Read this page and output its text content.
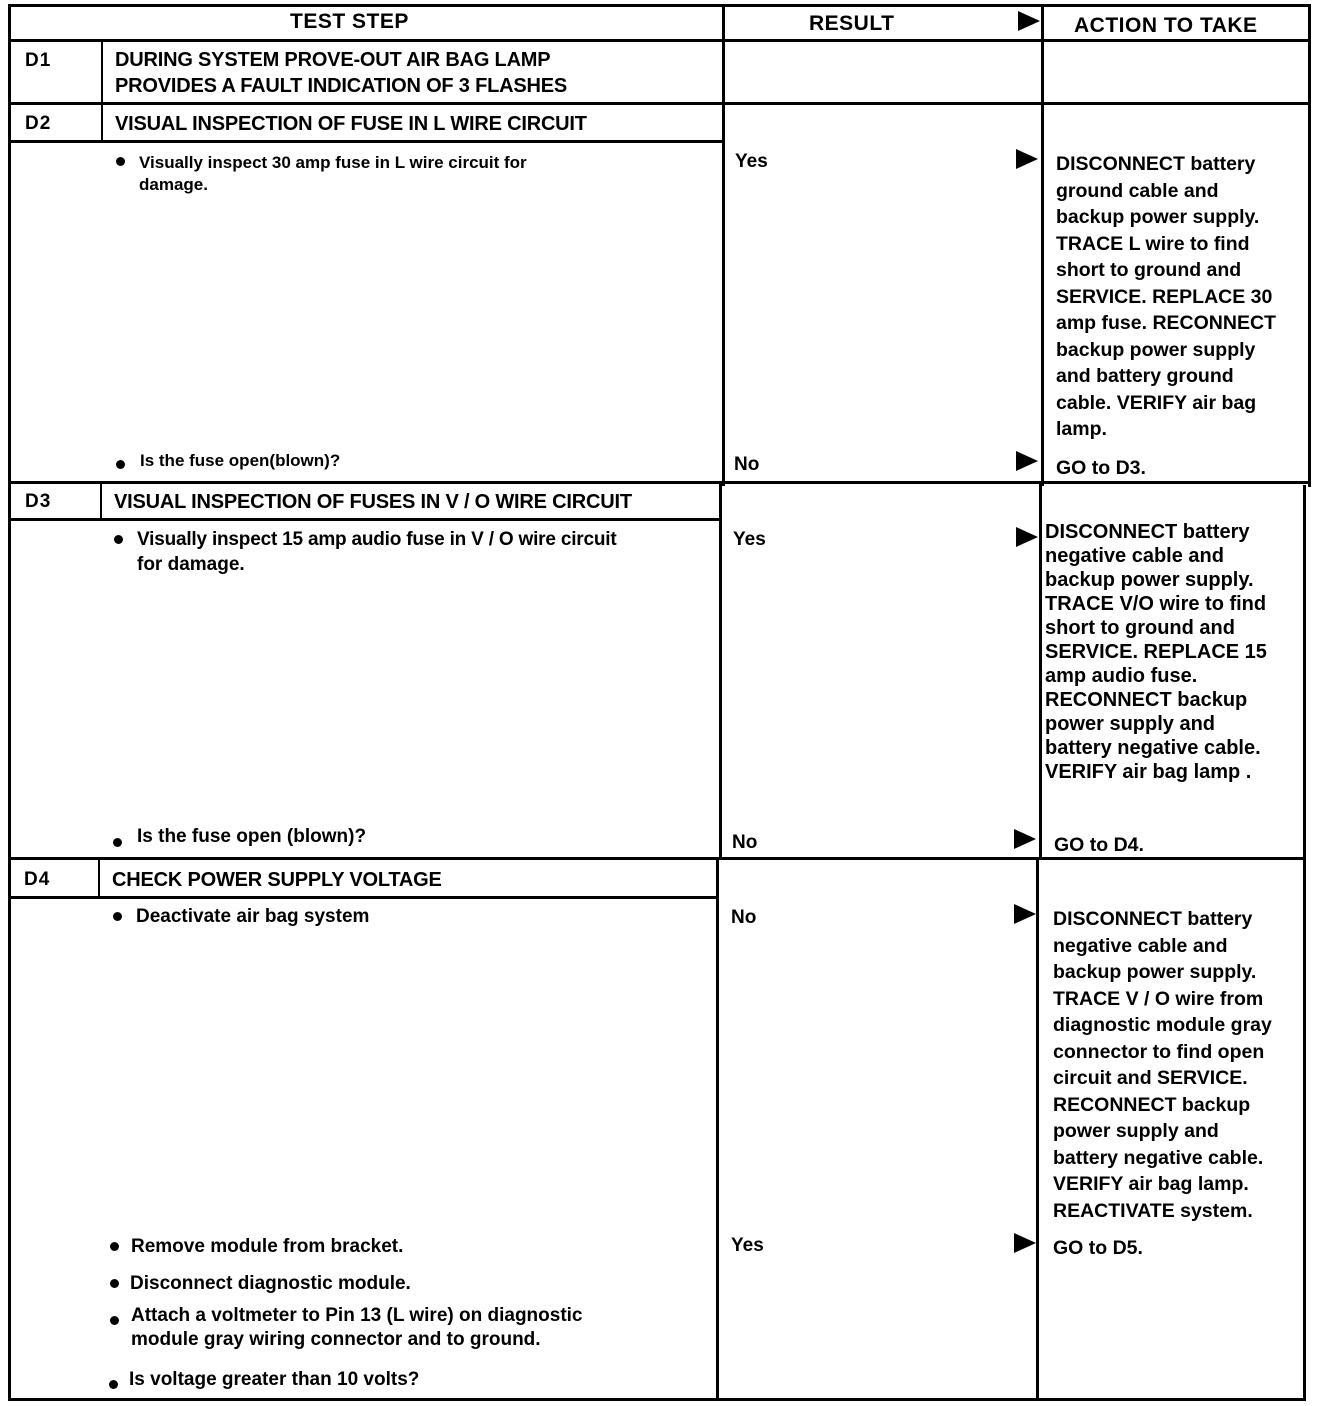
TEST STEP	RESULT	ACTION TO TAKE
D1	DURING SYSTEM PROVE-OUT AIR BAG LAMP
PROVIDES A FAULT INDICATION OF 3 FLASHES
D2	VISUAL INSPECTION OF FUSE IN L WIRE CIRCUIT
Visually inspect 30 amp fuse in L wire circuit for
damage.
Is the fuse open(blown)?
Yes	DISCONNECT battery
ground cable and
backup power supply.
TRACE L wire to find
short to ground and
SERVICE. REPLACE 30
amp fuse. RECONNECT
backup power supply
and battery ground
cable. VERIFY air bag
lamp.
No	GO to D3.
D3	VISUAL INSPECTION OF FUSES IN V / O WIRE CIRCUIT
Visually inspect 15 amp audio fuse in V / O wire circuit
for damage.
Is the fuse open (blown)?
Yes	DISCONNECT battery
negative cable and
backup power supply.
TRACE V/O wire to find
short to ground and
SERVICE. REPLACE 15
amp audio fuse.
RECONNECT backup
power supply and
battery negative cable.
VERIFY air bag lamp .
No	GO to D4.
D4	CHECK POWER SUPPLY VOLTAGE
Deactivate air bag system
Remove module from bracket.
Disconnect diagnostic module.
Attach a voltmeter to Pin 13 (L wire) on diagnostic
module gray wiring connector and to ground.
Is voltage greater than 10 volts?
No	DISCONNECT battery
negative cable and
backup power supply.
TRACE V / O wire from
diagnostic module gray
connector to find open
circuit and SERVICE.
RECONNECT backup
power supply and
battery negative cable.
VERIFY air bag lamp.
REACTIVATE system.
Yes	GO to D5.
